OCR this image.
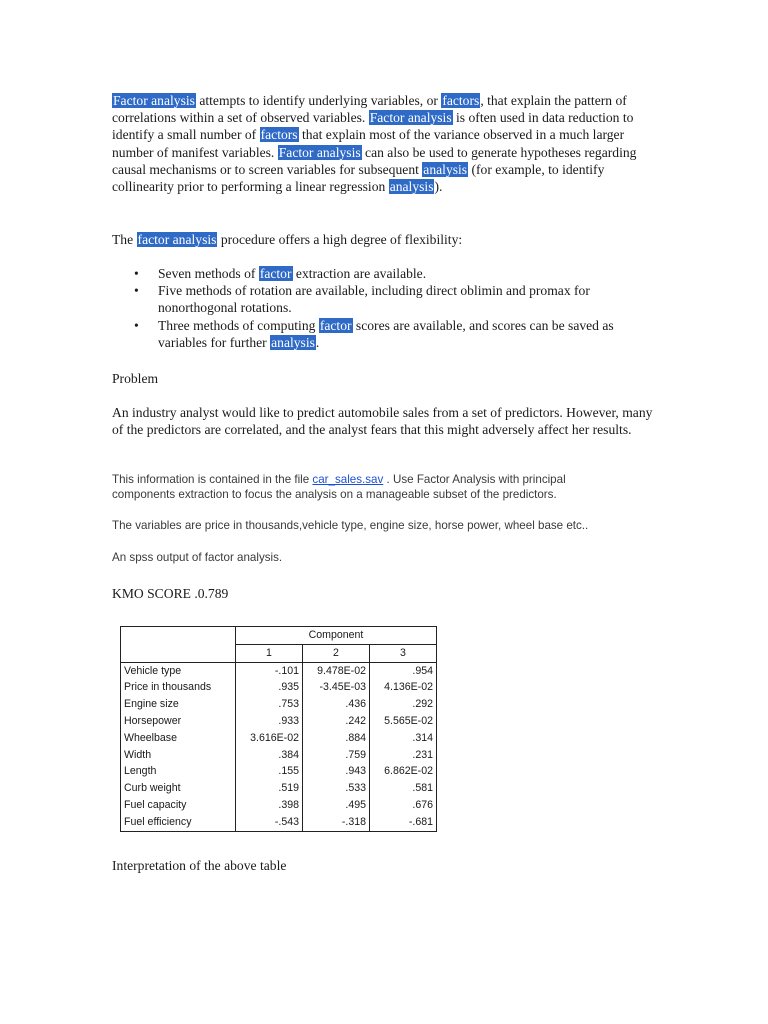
Factor analysis attempts to identify underlying variables, or factors, that explain the pattern of correlations within a set of observed variables. Factor analysis is often used in data reduction to identify a small number of factors that explain most of the variance observed in a much larger number of manifest variables. Factor analysis can also be used to generate hypotheses regarding causal mechanisms or to screen variables for subsequent analysis (for example, to identify collinearity prior to performing a linear regression analysis).

The factor analysis procedure offers a high degree of flexibility:

• Seven methods of factor extraction are available.
• Five methods of rotation are available, including direct oblimin and promax for nonorthogonal rotations.
• Three methods of computing factor scores are available, and scores can be saved as variables for further analysis.

Problem

An industry analyst would like to predict automobile sales from a set of predictors. However, many of the predictors are correlated, and the analyst fears that this might adversely affect her results.

This information is contained in the file car_sales.sav . Use Factor Analysis with principal components extraction to focus the analysis on a manageable subset of the predictors.

The variables are price in thousands,vehicle type, engine size, horse power, wheel base etc..

An spss output of factor analysis.

KMO SCORE .0.789

	Component		
	1	2	3
Vehicle type	-.101	9.478E-02	.954
Price in thousands	.935	-3.45E-03	4.136E-02
Engine size	.753	.436	.292
Horsepower	.933	.242	5.565E-02
Wheelbase	3.616E-02	.884	.314
Width	.384	.759	.231
Length	.155	.943	6.862E-02
Curb weight	.519	.533	.581
Fuel capacity	.398	.495	.676
Fuel efficiency	-.543	-.318	-.681

Interpretation of the above table
